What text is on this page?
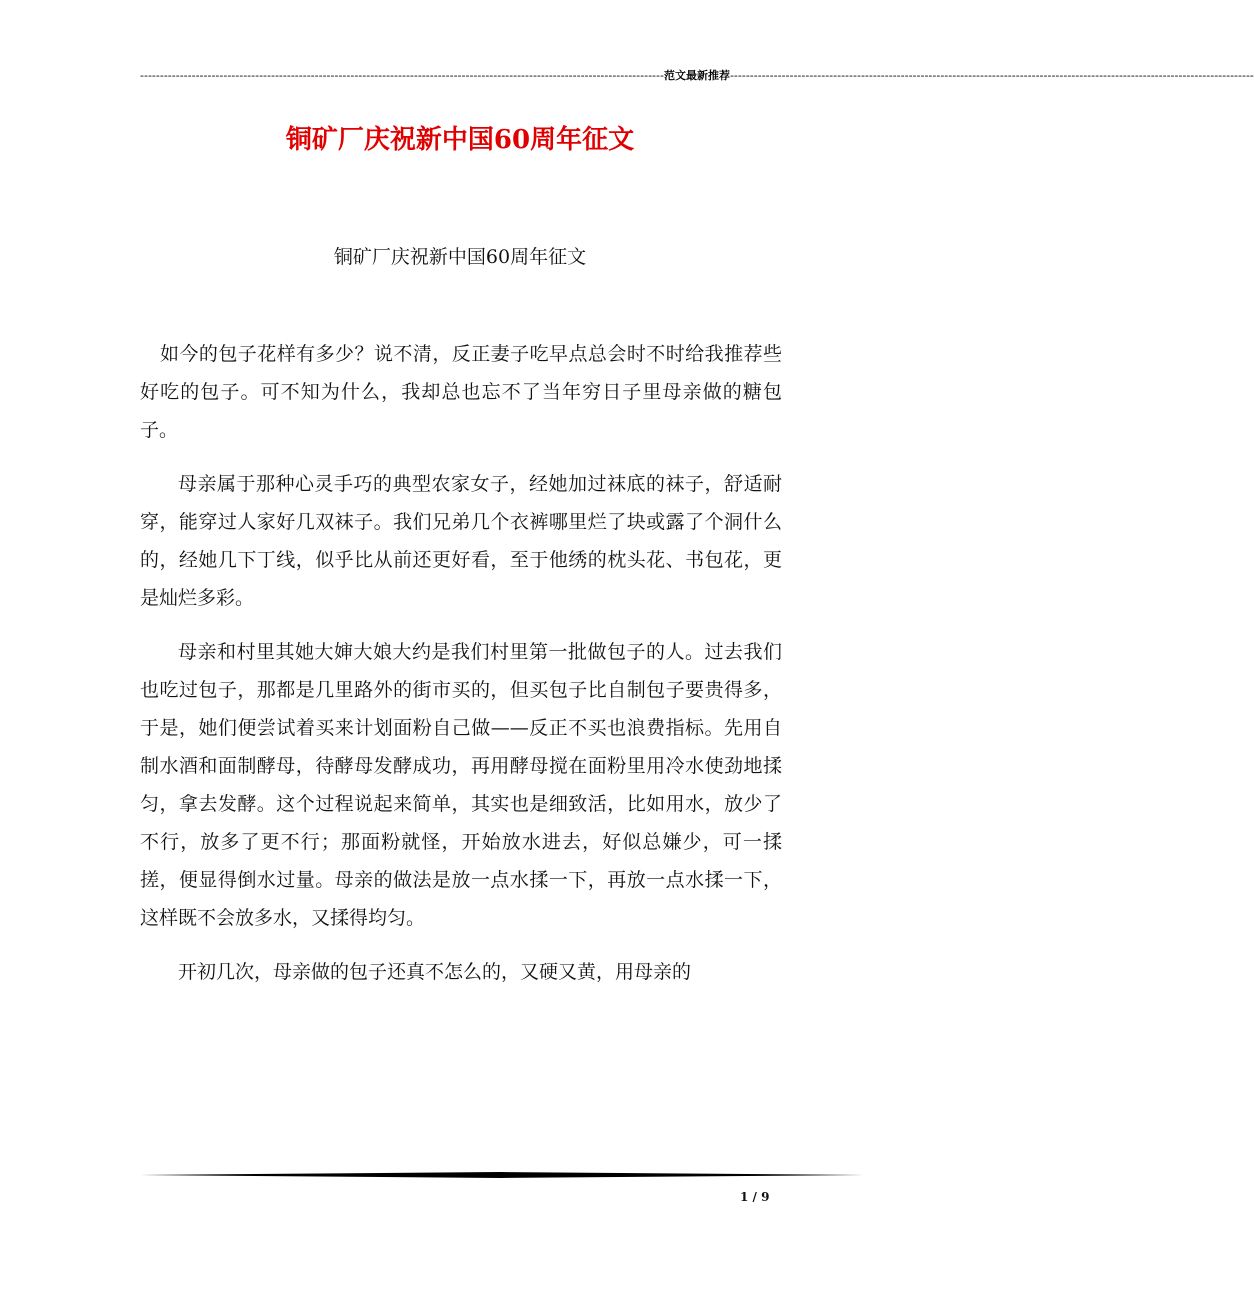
------------------------------------------------------------------------------------------------------------------------------------ 范文最新推荐 ------------------------------------------------------------------------------------------------------------------------------------
铜矿厂庆祝新中国60周年征文
铜矿厂庆祝新中国60周年征文

如今的包子花样有多少？说不清，反正妻子吃早点总会时不时给我推荐些好吃的包子。可不知为什么，我却总也忘不了当年穷日子里母亲做的糖包子。

母亲属于那种心灵手巧的典型农家女子，经她加过袜底的袜子，舒适耐穿，能穿过人家好几双袜子。我们兄弟几个衣裤哪里烂了块或露了个洞什么的，经她几下丁线，似乎比从前还更好看，至于他绣的枕头花、书包花，更是灿烂多彩。

母亲和村里其她大婶大娘大约是我们村里第一批做包子的人。过去我们也吃过包子，那都是几里路外的街市买的，但买包子比自制包子要贵得多，于是，她们便尝试着买来计划面粉自己做——反正不买也浪费指标。先用自制水酒和面制酵母，待酵母发酵成功，再用酵母搅在面粉里用冷水使劲地揉匀，拿去发酵。这个过程说起来简单，其实也是细致活，比如用水，放少了不行，放多了更不行；那面粉就怪，开始放水进去，好似总嫌少，可一揉搓，便显得倒水过量。母亲的做法是放一点水揉一下，再放一点水揉一下，这样既不会放多水，又揉得均匀。

开初几次，母亲做的包子还真不怎么的，又硬又黄，用母亲的

1 / 9
